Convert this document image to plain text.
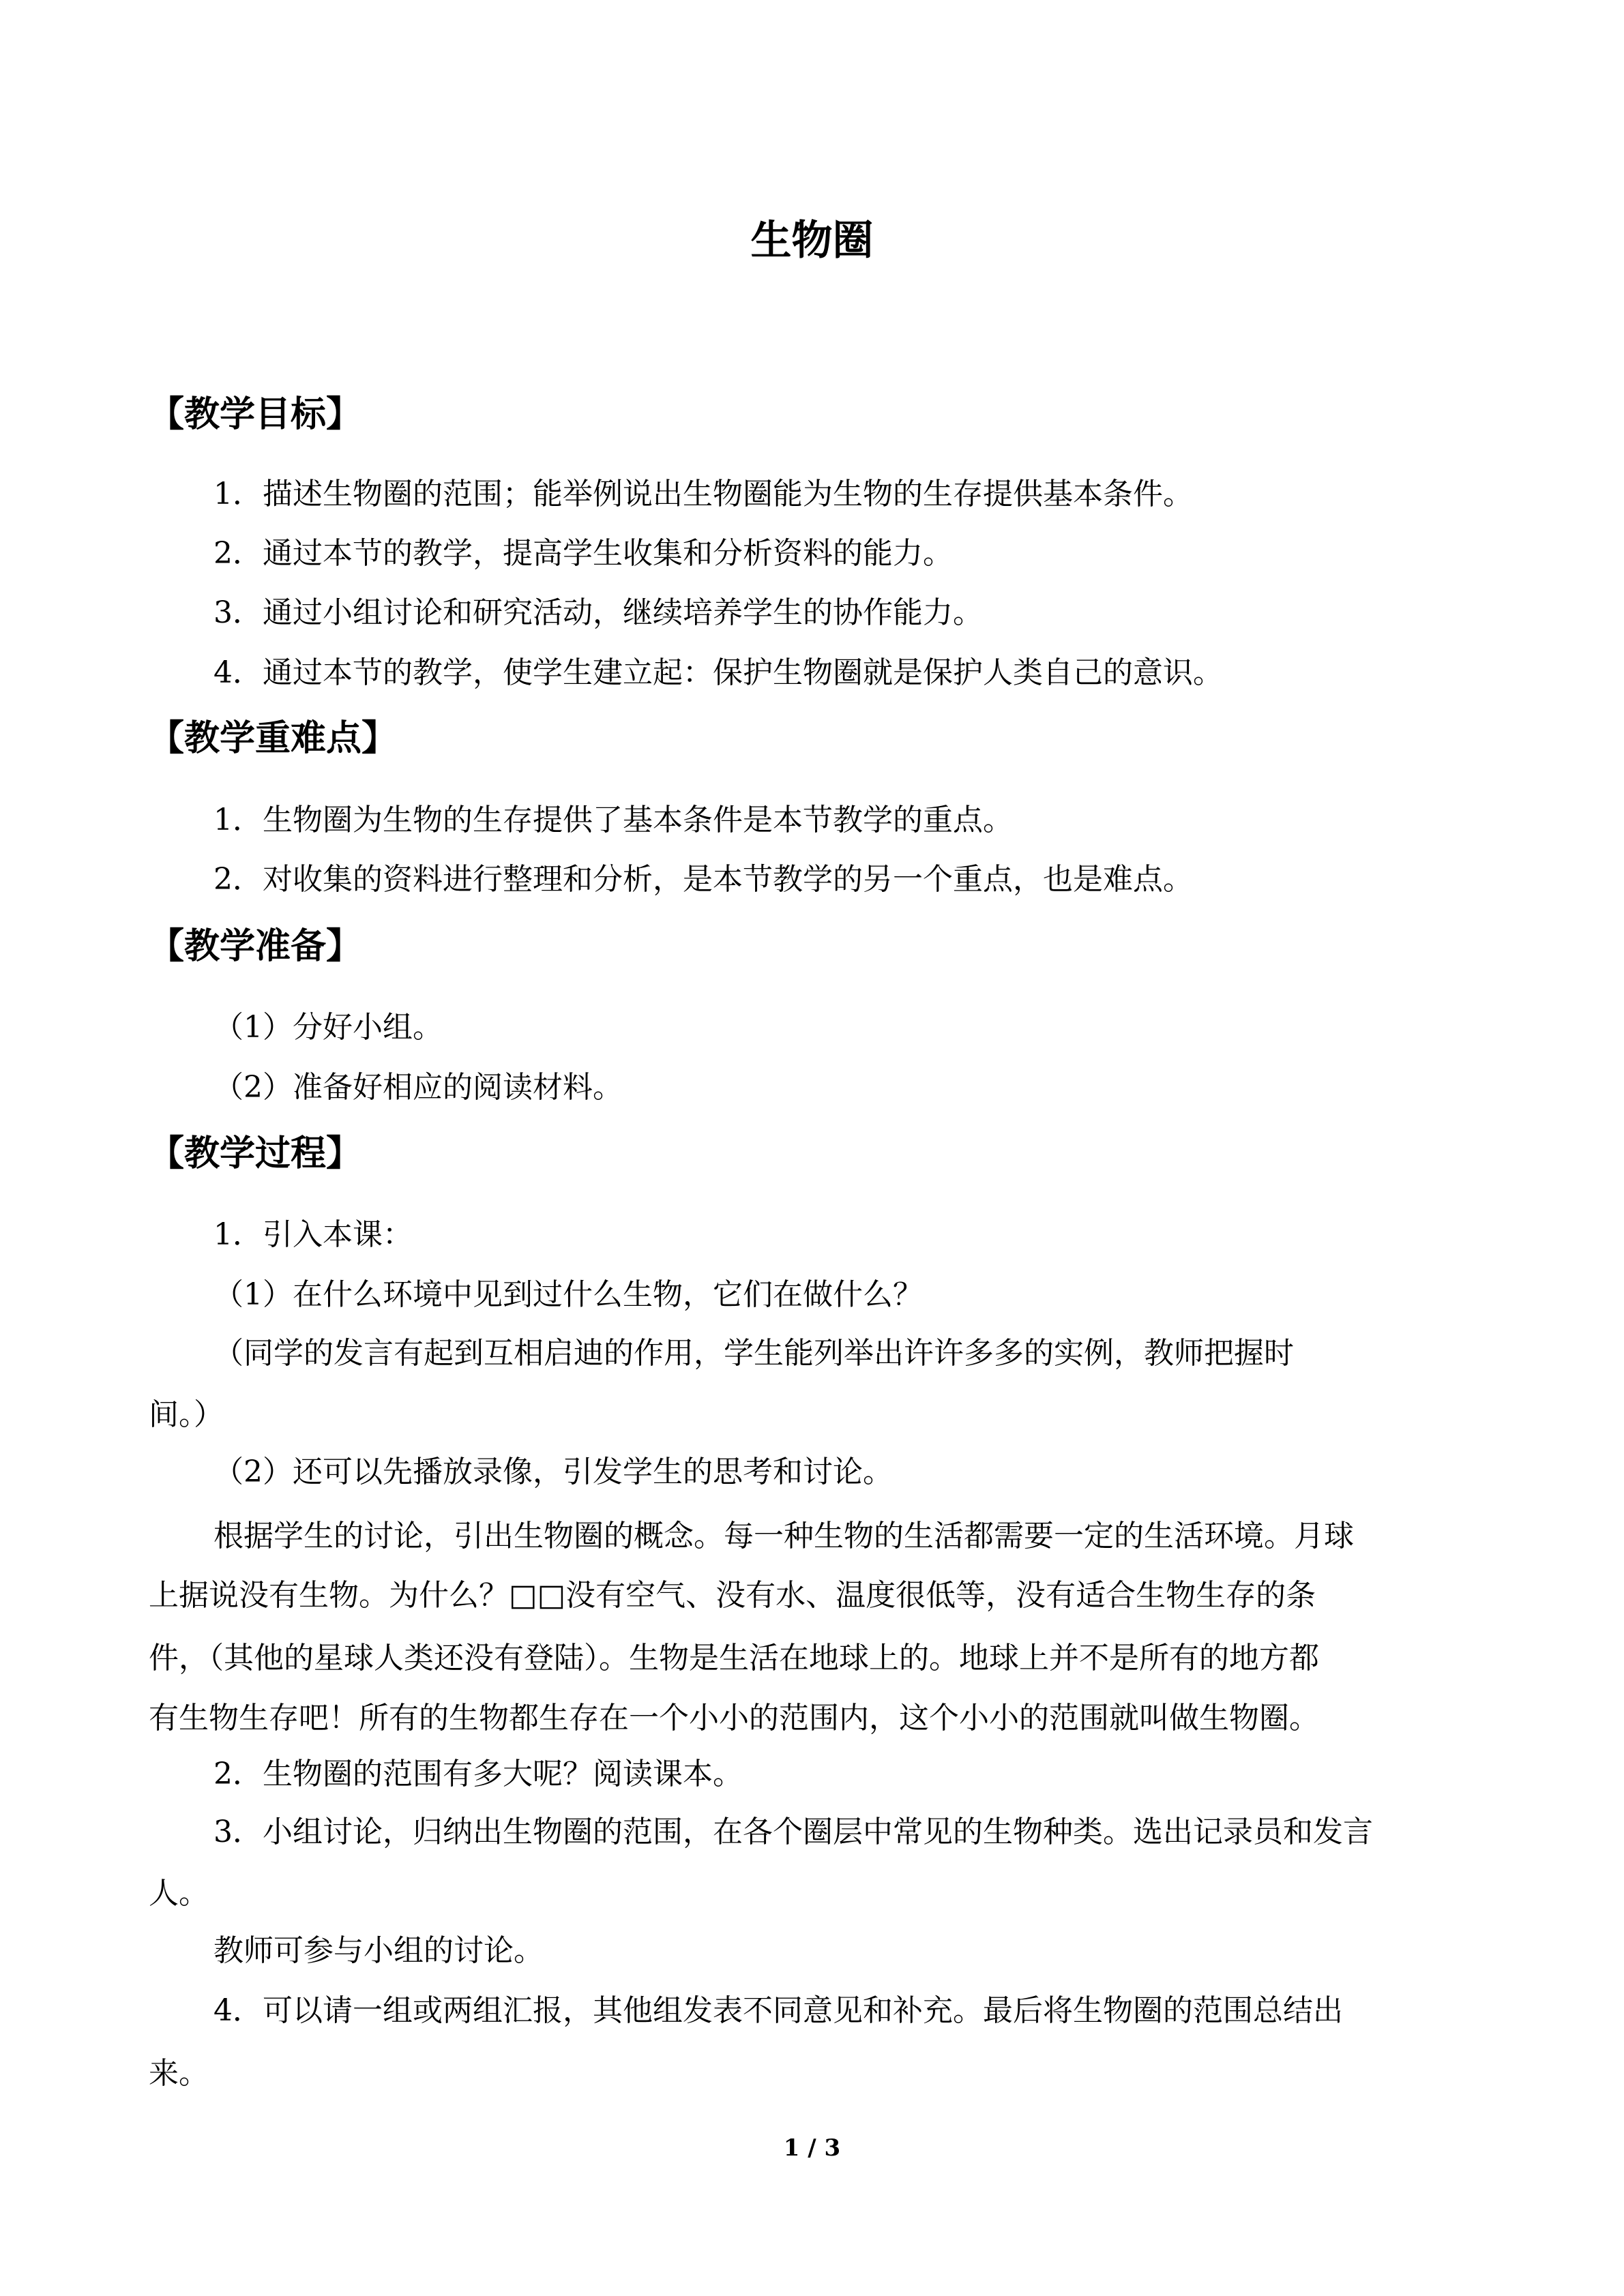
生物圈
【教学目标】
1．描述生物圈的范围；能举例说出生物圈能为生物的生存提供基本条件。
2．通过本节的教学，提高学生收集和分析资料的能力。
3．通过小组讨论和研究活动，继续培养学生的协作能力。
4．通过本节的教学，使学生建立起：保护生物圈就是保护人类自己的意识。
【教学重难点】
1．生物圈为生物的生存提供了基本条件是本节教学的重点。
2．对收集的资料进行整理和分析，是本节教学的另一个重点，也是难点。
【教学准备】
（1）分好小组。
（2）准备好相应的阅读材料。
【教学过程】
1．引入本课：
（1）在什么环境中见到过什么生物，它们在做什么？
（同学的发言有起到互相启迪的作用，学生能列举出许许多多的实例，教师把握时
间。）
（2）还可以先播放录像，引发学生的思考和讨论。
根据学生的讨论，引出生物圈的概念。每一种生物的生活都需要一定的生活环境。月球
上据说没有生物。为什么？□□没有空气、没有水、温度很低等，没有适合生物生存的条
件，（其他的星球人类还没有登陆）。生物是生活在地球上的。地球上并不是所有的地方都
有生物生存吧！所有的生物都生存在一个小小的范围内，这个小小的范围就叫做生物圈。
2．生物圈的范围有多大呢？阅读课本。
3．小组讨论，归纳出生物圈的范围，在各个圈层中常见的生物种类。选出记录员和发言
人。
教师可参与小组的讨论。
4．可以请一组或两组汇报，其他组发表不同意见和补充。最后将生物圈的范围总结出
来。
1 / 3
